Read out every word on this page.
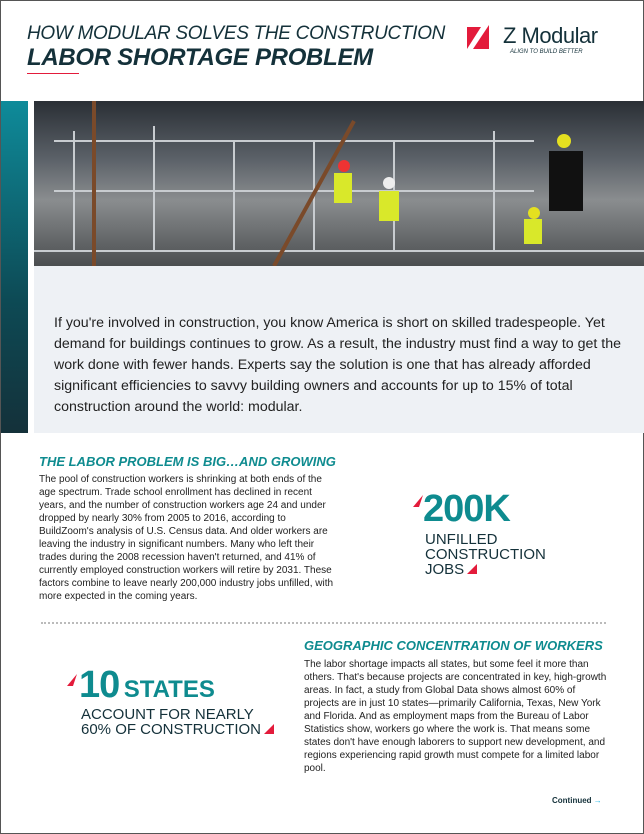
HOW MODULAR SOLVES THE CONSTRUCTION
LABOR SHORTAGE PROBLEM
Z Modular
ALIGN TO BUILD BETTER
If you're involved in construction, you know America is short on skilled tradespeople. Yet demand for buildings continues to grow. As a result, the industry must find a way to get the work done with fewer hands. Experts say the solution is one that has already afforded significant efficiencies to savvy building owners and accounts for up to 15% of total construction around the world: modular.
THE LABOR PROBLEM IS BIG…AND GROWING
The pool of construction workers is shrinking at both ends of the age spectrum. Trade school enrollment has declined in recent years, and the number of construction workers age 24 and under dropped by nearly 30% from 2005 to 2016, according to BuildZoom's analysis of U.S. Census data. And older workers are leaving the industry in significant numbers. Many who left their trades during the 2008 recession haven't returned, and 41% of currently employed construction workers will retire by 2031. These factors combine to leave nearly 200,000 industry jobs unfilled, with more expected in the coming years.
200K
UNFILLED
CONSTRUCTION
JOBS
10 STATES
ACCOUNT FOR NEARLY
60% OF CONSTRUCTION
GEOGRAPHIC CONCENTRATION OF WORKERS
The labor shortage impacts all states, but some feel it more than others. That's because projects are concentrated in key, high-growth areas. In fact, a study from Global Data shows almost 60% of projects are in just 10 states—primarily California, Texas, New York and Florida. And as employment maps from the Bureau of Labor Statistics show, workers go where the work is. That means some states don't have enough laborers to support new development, and regions experiencing rapid growth must compete for a limited labor pool.
Continued →
